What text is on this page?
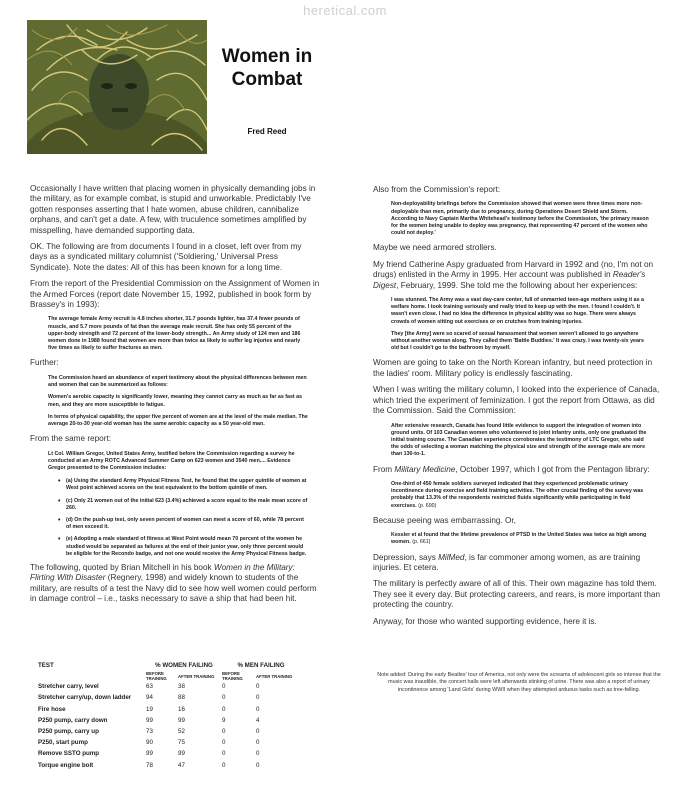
heretical.com
Women in
Combat
Fred Reed

Occasionally I have written that placing women in physically demanding jobs in the military, as for example combat, is stupid and unworkable. Predictably I've gotten responses asserting that I hate women, abuse children, cannibalize orphans, and can't get a date. A few, with truculence sometimes amplified by misspelling, have demanded supporting data.

OK. The following are from documents I found in a closet, left over from my days as a syndicated military columnist ('Soldiering,' Universal Press Syndicate). Note the dates: All of this has been known for a long time.

From the report of the Presidential Commission on the Assignment of Women in the Armed Forces (report date November 15, 1992, published in book form by Brassey's in 1993):

The average female Army recruit is 4.8 inches shorter, 31.7 pounds lighter, has 37.4 fewer pounds of muscle, and 5.7 more pounds of fat than the average male recruit. She has only 55 percent of the upper-body strength and 72 percent of the lower-body strength... An Army study of 124 men and 186 women done in 1988 found that women are more than twice as likely to suffer leg injuries and nearly five times as likely to suffer fractures as men.

Further:

The Commission heard an abundance of expert testimony about the physical differences between men and women that can be summarized as follows:

Women's aerobic capacity is significantly lower, meaning they cannot carry as much as far as fast as men, and they are more susceptible to fatigue.

In terms of physical capability, the upper five percent of women are at the level of the male median. The average 20-to-30 year-old woman has the same aerobic capacity as a 50 year-old man.

From the same report:

Lt Col. William Gregor, United States Army, testified before the Commission regarding a survey he conducted at an Army ROTC Advanced Summer Camp on 623 women and 3540 men.... Evidence Gregor presented to the Commission includes:

• (a) Using the standard Army Physical Fitness Test, he found that the upper quintile of women at West point achieved scores on the test equivalent to the bottom quintile of men.
• (c) Only 21 women out of the initial 623 (3.4%) achieved a score equal to the male mean score of 260.
• (d) On the push-up test, only seven percent of women can meet a score of 60, while 78 percent of men exceed it.
• (e) Adopting a male standard of fitness at West Point would mean 70 percent of the women he studied would be separated as failures at the end of their junior year, only three percent would be eligible for the Recondo badge, and not one would receive the Army Physical Fitness badge.

The following, quoted by Brian Mitchell in his book Women in the Military: Flirting With Disaster (Regnery, 1998) and widely known to students of the military, are results of a test the Navy did to see how well women could perform in damage control – i.e., tasks necessary to save a ship that had been hit.

TEST	% WOMEN FAILING		% MEN FAILING	
	BEFORE TRAINING	AFTER TRAINING	BEFORE TRAINING	AFTER TRAINING
Stretcher carry, level	63	38	0	0
Stretcher carry/up, down ladder	94	88	0	0
Fire hose	19	16	0	0
P250 pump, carry down	99	99	9	4
P250 pump, carry up	73	52	0	0
P250, start pump	90	75	0	0
Remove SSTO pump	99	99	0	0
Torque engine bolt	78	47	0	0

Also from the Commission's report:

Non-deployability briefings before the Commission showed that women were three times more non-deployable than men, primarily due to pregnancy, during Operations Desert Shield and Storm. According to Navy Captain Martha Whitehead's testimony before the Commission, 'the primary reason for the women being unable to deploy was pregnancy, that representing 47 percent of the women who could not deploy.'

Maybe we need armored strollers.

My friend Catherine Aspy graduated from Harvard in 1992 and (no, I'm not on drugs) enlisted in the Army in 1995. Her account was published in Reader's Digest, February, 1999. She told me the following about her experiences:

I was stunned. The Army was a vast day-care center, full of unmarried teen-age mothers using it as a welfare home. I took training seriously and really tried to keep up with the men. I found I couldn't. It wasn't even close. I had no idea the difference in physical ability was so huge. There were always crowds of women sitting out exercises or on crutches from training injuries.

They [the Army] were so scared of sexual harassment that women weren't allowed to go anywhere without another woman along. They called them 'Battle Buddies.' It was crazy. I was twenty-six years old but I couldn't go to the bathroom by myself.

Women are going to take on the North Korean infantry, but need protection in the ladies' room. Military policy is endlessly fascinating.

When I was writing the military column, I looked into the experience of Canada, which tried the experiment of feminization. I got the report from Ottawa, as did the Commission. Said the Commission:

After extensive research, Canada has found little evidence to support the integration of women into ground units. Of 103 Canadian women who volunteered to joint infantry units, only one graduated the initial training course. The Canadian experience corroborates the testimony of LTC Gregor, who said the odds of selecting a woman matching the physical size and strength of the average male are more than 130-to-1.

From Military Medicine, October 1997, which I got from the Pentagon library:

One-third of 450 female soldiers surveyed indicated that they experienced problematic urinary incontinence during exercise and field training activities. The other crucial finding of the survey was probably that 13.3% of the respondents restricted fluids significantly while participating in field exercises. (p. 690)

Because peeing was embarrassing. Or,

Kessler et al found that the lifetime prevalence of PTSD in the United States was twice as high among women. (p. 661)

Depression, says MilMed, is far commoner among women, as are training injuries. Et cetera.

The military is perfectly aware of all of this. Their own magazine has told them. They see it every day. But protecting careers, and rears, is more important than protecting the country.

Anyway, for those who wanted supporting evidence, here it is.

Note added: During the early Beatles' tour of America, not only were the screams of adolescent girls so intense that the music was inaudible, the concert halls were left afterwards stinking of urine. There was also a report of urinary incontinence among 'Land Girls' during WWII when they attempted arduous tasks such as tree-felling.
